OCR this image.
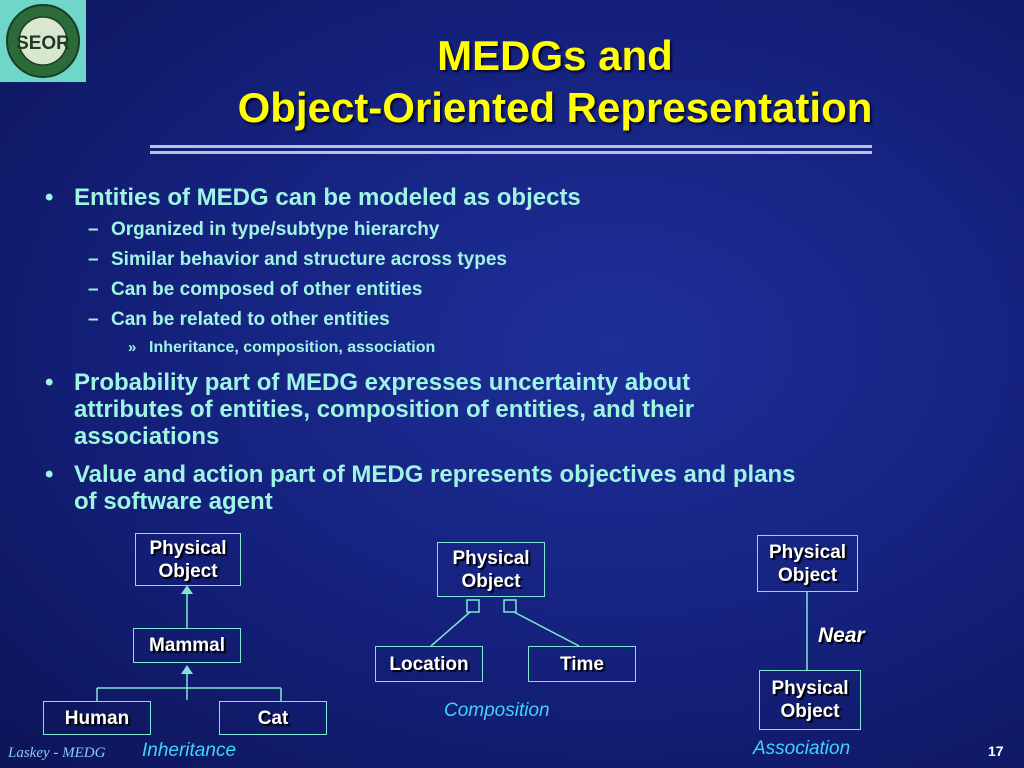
SEOR	MEDGs and
Object-Oriented Representation
• Entities of MEDG can be modeled as objects
– Organized in type/subtype hierarchy
– Similar behavior and structure across types
– Can be composed of other entities
– Can be related to other entities
» Inheritance, composition, association
• Probability part of MEDG expresses uncertainty about
attributes of entities, composition of entities, and their
associations
• Value and action part of MEDG represents objectives and plans
of software agent
Physical
Object
Mammal
Human	Cat
Inheritance
Physical
Object
Location	Time
Composition
Physical
Object
Near
Physical
Object
Association
Laskey - MEDG	17
